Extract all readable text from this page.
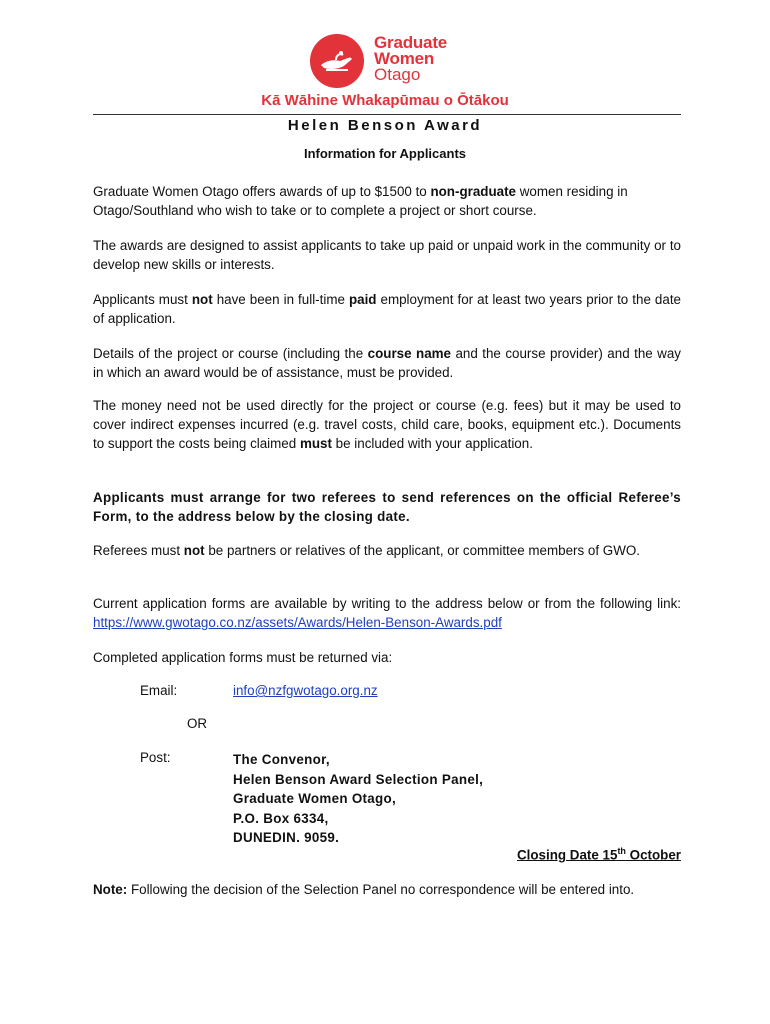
Graduate
Women
Otago
Kā Wāhine Whakapūmau o Ōtākou
Helen Benson Award
Information for Applicants

Graduate Women Otago offers awards of up to $1500 to non-graduate women residing in Otago/Southland who wish to take or to complete a project or short course.

The awards are designed to assist applicants to take up paid or unpaid work in the community or to develop new skills or interests.

Applicants must not have been in full-time paid employment for at least two years prior to the date of application.

Details of the project or course (including the course name and the course provider) and the way in which an award would be of assistance, must be provided.

The money need not be used directly for the project or course (e.g. fees) but it may be used to cover indirect expenses incurred (e.g. travel costs, child care, books, equipment etc.). Documents to support the costs being claimed must be included with your application.

Applicants must arrange for two referees to send references on the official Referee’s Form, to the address below by the closing date.

Referees must not be partners or relatives of the applicant, or committee members of GWO.

Current application forms are available by writing to the address below or from the following link: https://www.gwotago.co.nz/assets/Awards/Helen-Benson-Awards.pdf

Completed application forms must be returned via:

Email:	info@nzfgwotago.org.nz
OR
Post:	The Convenor,
Helen Benson Award Selection Panel,
Graduate Women Otago,
P.O. Box 6334,
DUNEDIN. 9059.
Closing Date 15th October

Note: Following the decision of the Selection Panel no correspondence will be entered into.
